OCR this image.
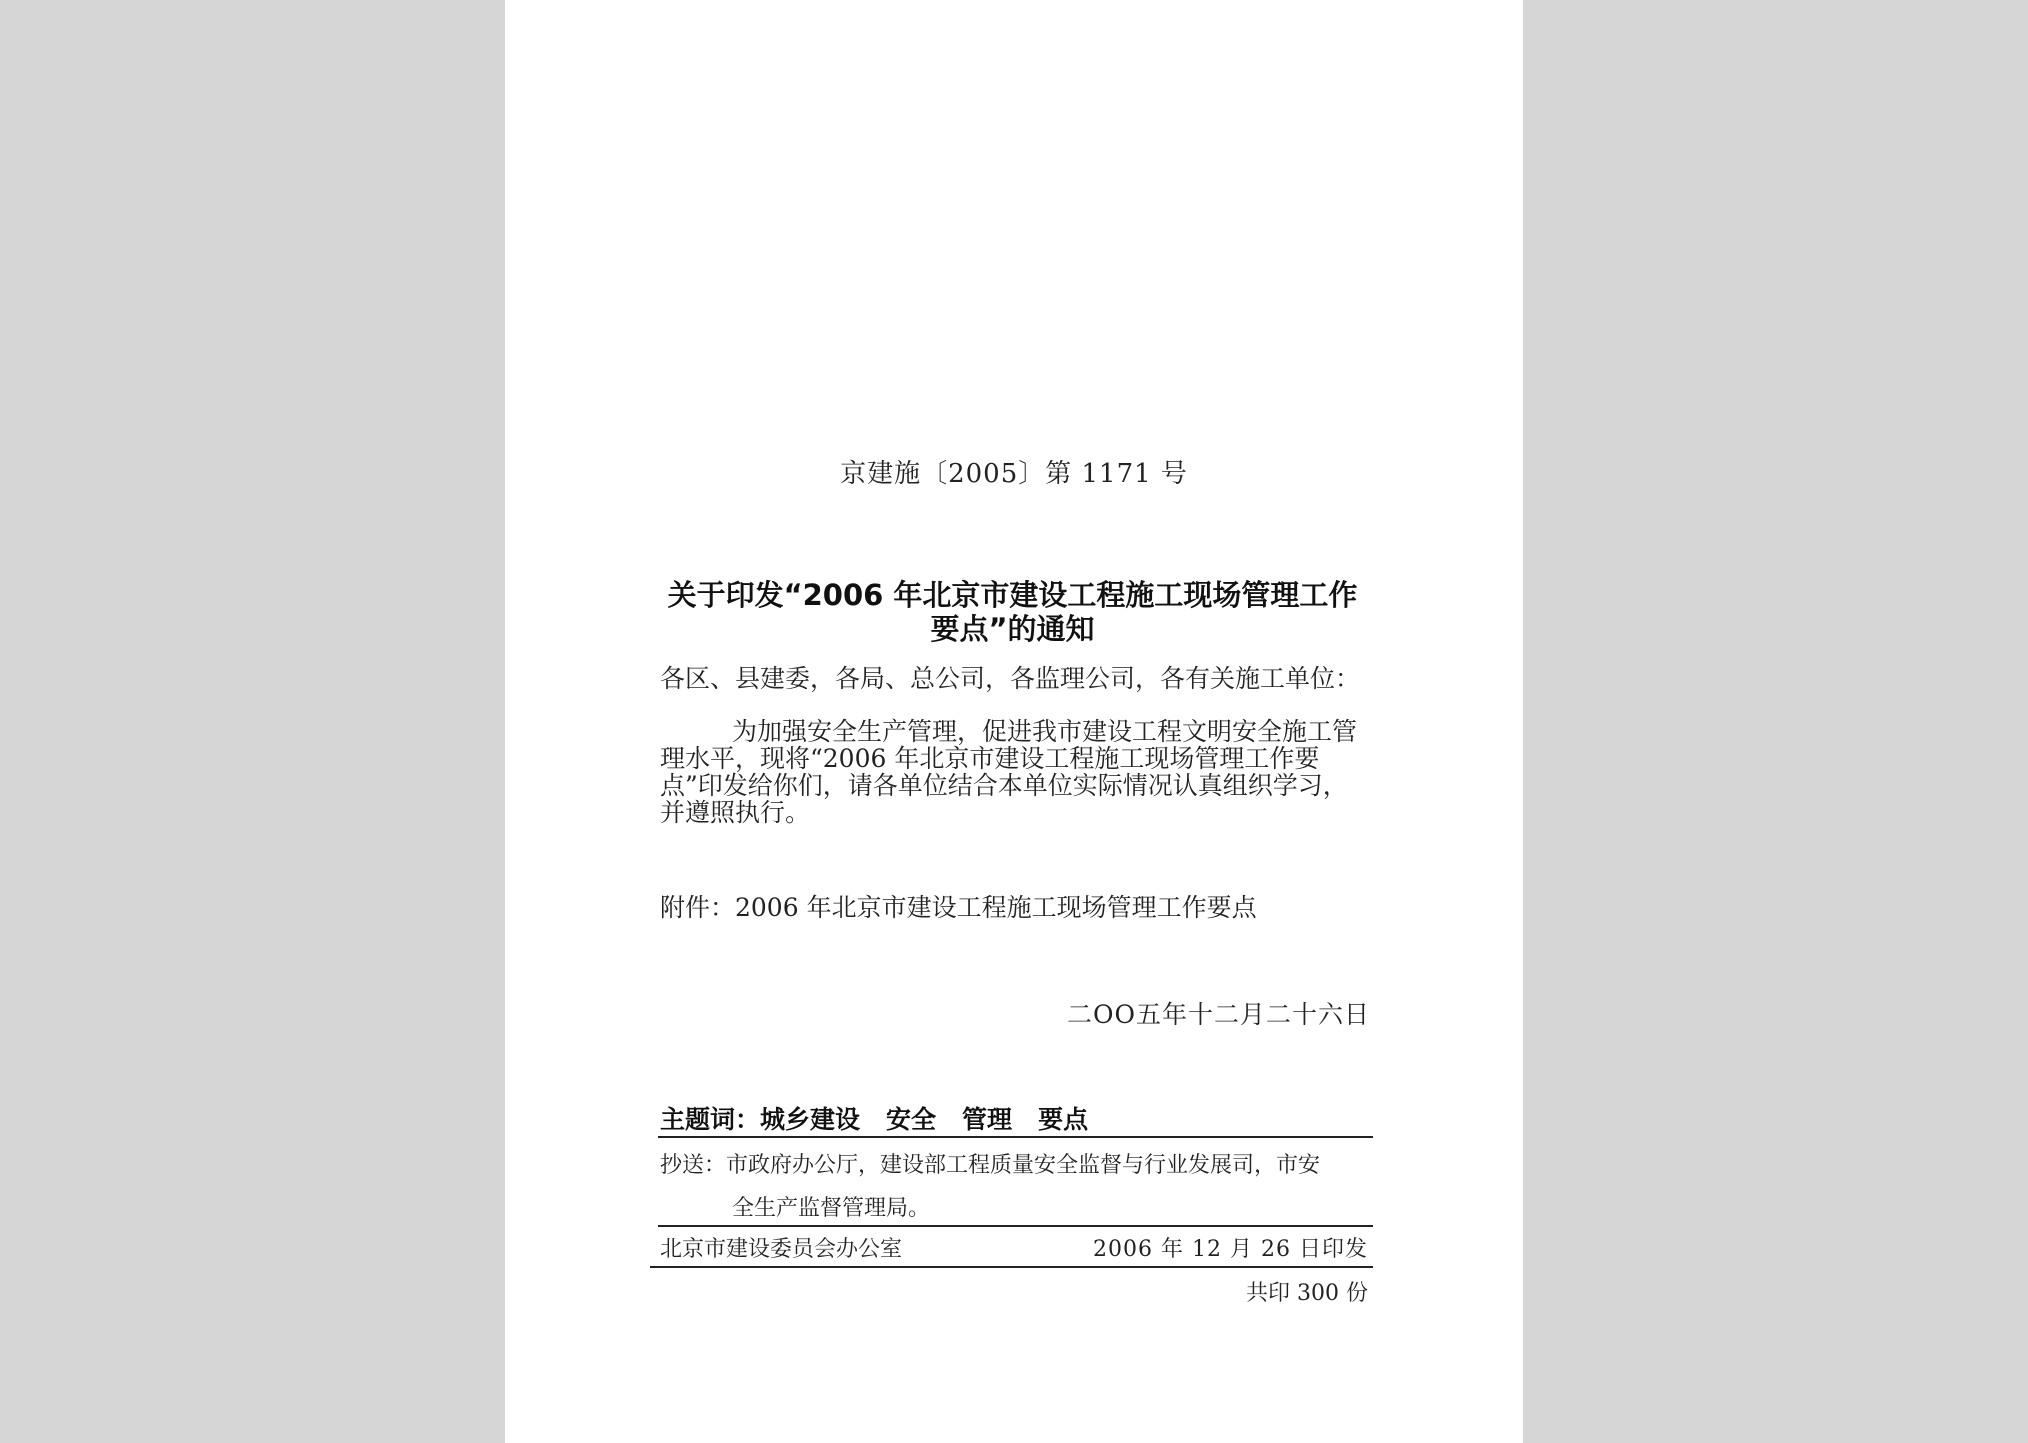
京建施〔2005〕第 1171 号
关于印发“2006 年北京市建设工程施工现场管理工作要点”的通知
各区、县建委，各局、总公司，各监理公司，各有关施工单位：
为加强安全生产管理，促进我市建设工程文明安全施工管理水平，现将“2006 年北京市建设工程施工现场管理工作要点”印发给你们，请各单位结合本单位实际情况认真组织学习，并遵照执行。
附件：2006 年北京市建设工程施工现场管理工作要点
二OO五年十二月二十六日
主题词：城乡建设 安全 管理 要点
抄送：市政府办公厅，建设部工程质量安全监督与行业发展司，市安
全生产监督管理局。
北京市建设委员会办公室	2006 年 12 月 26 日印发
共印 300 份
